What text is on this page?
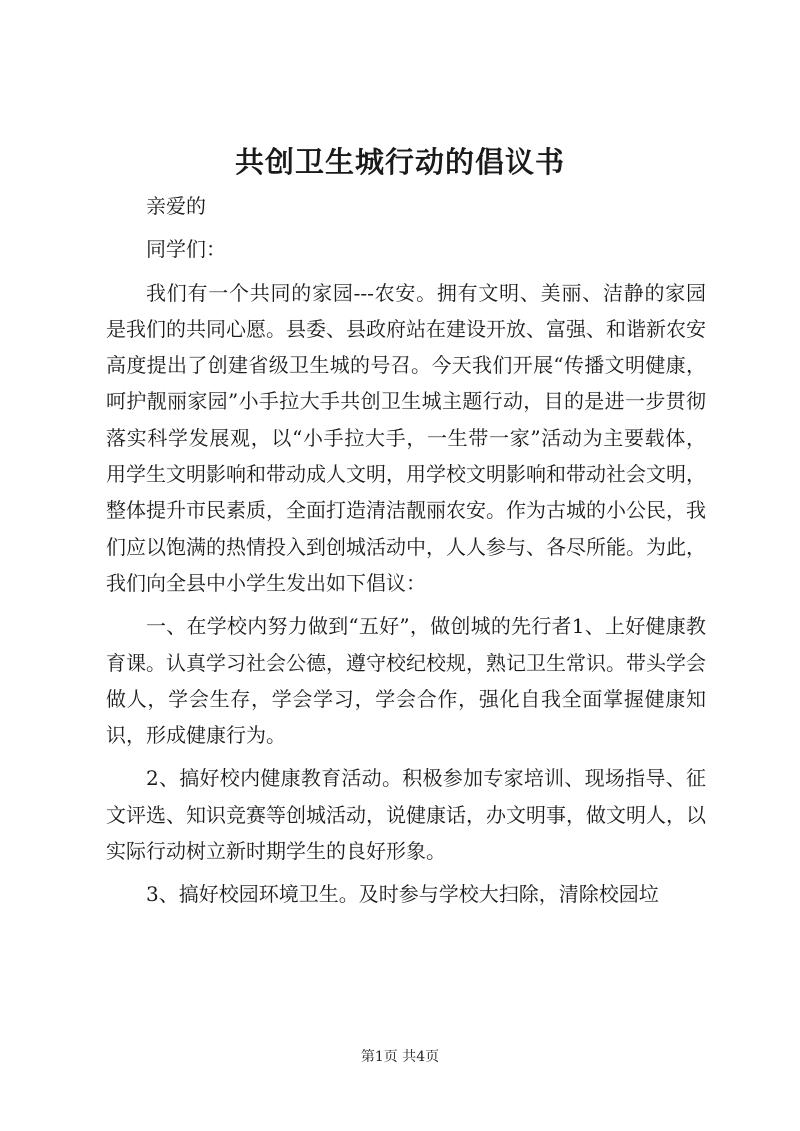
共创卫生城行动的倡议书

亲爱的

同学们：

我们有一个共同的家园---农安。拥有文明、美丽、洁静的家园是我们的共同心愿。县委、县政府站在建设开放、富强、和谐新农安高度提出了创建省级卫生城的号召。今天我们开展“传播文明健康，呵护靓丽家园”小手拉大手共创卫生城主题行动，目的是进一步贯彻落实科学发展观，以“小手拉大手，一生带一家”活动为主要载体，用学生文明影响和带动成人文明，用学校文明影响和带动社会文明，整体提升市民素质，全面打造清洁靓丽农安。作为古城的小公民，我们应以饱满的热情投入到创城活动中，人人参与、各尽所能。为此，我们向全县中小学生发出如下倡议：

一、在学校内努力做到“五好”，做创城的先行者1、上好健康教育课。认真学习社会公德，遵守校纪校规，熟记卫生常识。带头学会做人，学会生存，学会学习，学会合作，强化自我全面掌握健康知识，形成健康行为。

2、搞好校内健康教育活动。积极参加专家培训、现场指导、征文评选、知识竞赛等创城活动，说健康话，办文明事，做文明人，以实际行动树立新时期学生的良好形象。

3、搞好校园环境卫生。及时参与学校大扫除，清除校园垃

第1页 共4页
